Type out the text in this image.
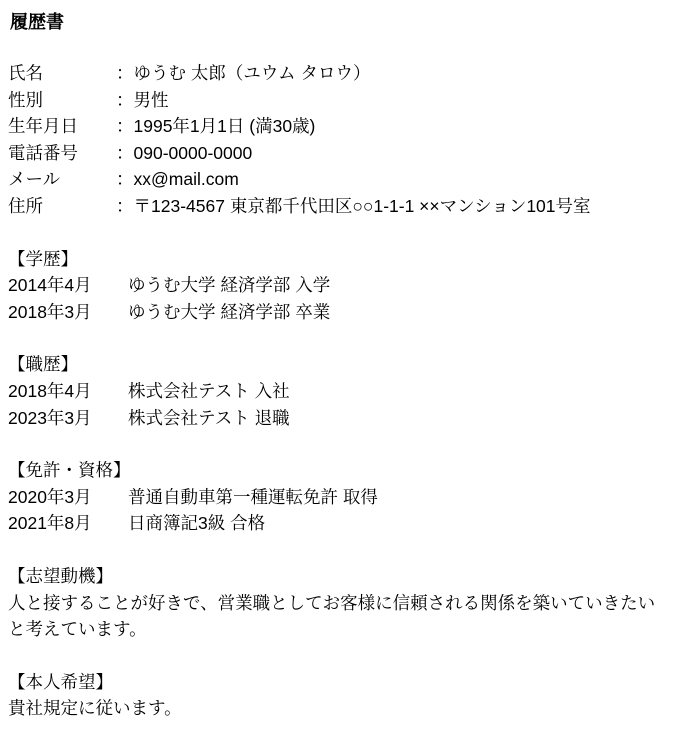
履歴書
氏名	：ゆうむ 太郎（ユウム タロウ）
性別	：男性
生年月日	：1995年1月1日 (満30歳)
電話番号	：090-0000-0000
メール	：xx@mail.com
住所	：〒123-4567 東京都千代田区○○1-1-1 ××マンション101号室
【学歴】
2014年4月 ゆうむ大学 経済学部 入学
2018年3月 ゆうむ大学 経済学部 卒業
【職歴】
2018年4月 株式会社テスト 入社
2023年3月 株式会社テスト 退職
【免許・資格】
2020年3月 普通自動車第一種運転免許 取得
2021年8月 日商簿記3級 合格
【志望動機】
人と接することが好きで、営業職としてお客様に信頼される関係を築いていきたいと考えています。
【本人希望】
貴社規定に従います。
